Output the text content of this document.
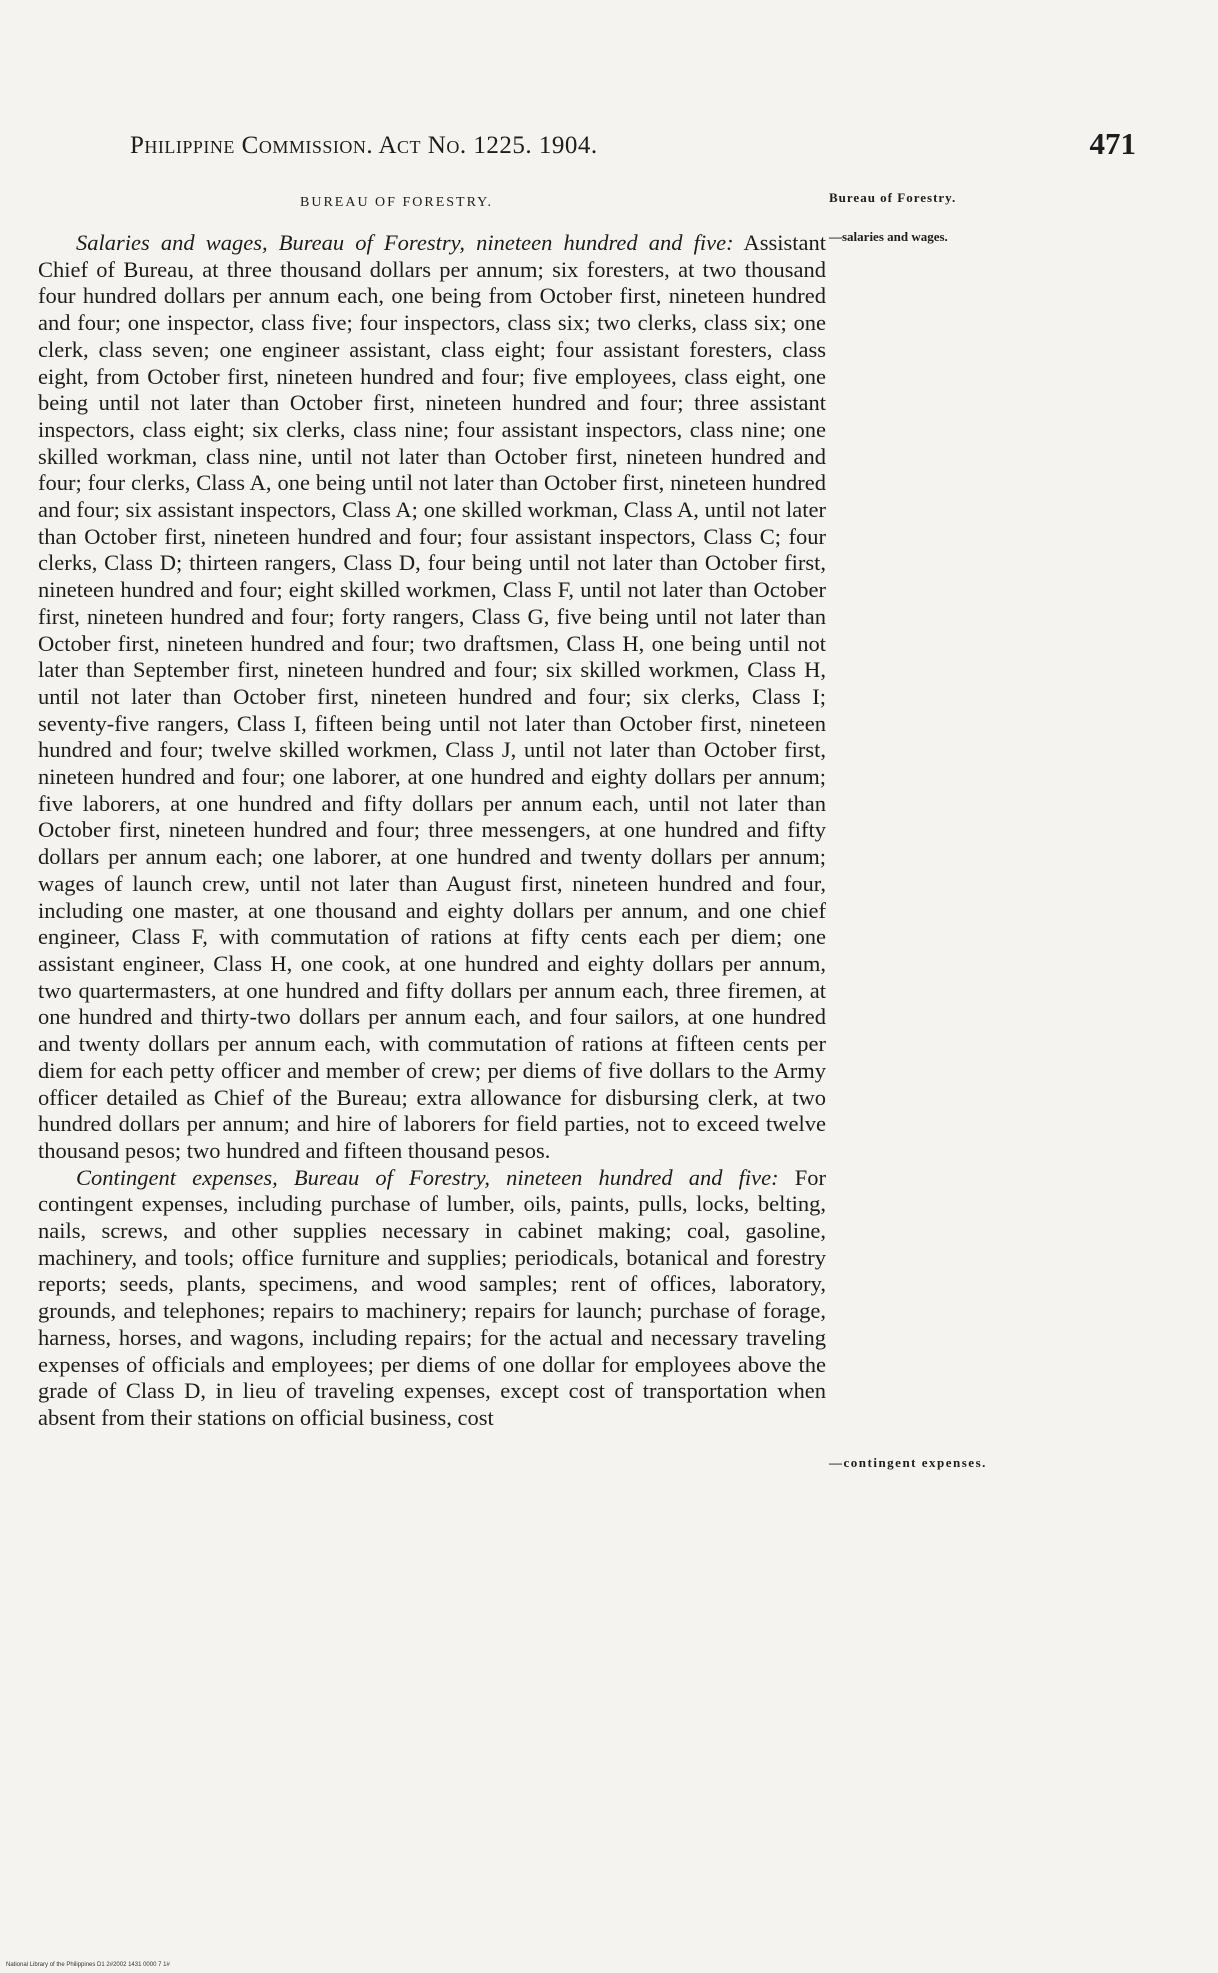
Philippine Commission. Act No. 1225. 1904.	471
BUREAU OF FORESTRY.	Bureau of Forestry.
—salaries and wages.
—contingent expenses.

Salaries and wages, Bureau of Forestry, nineteen hundred and five: Assistant Chief of Bureau, at three thousand dollars per annum; six foresters, at two thousand four hundred dollars per annum each, one being from October first, nineteen hundred and four; one inspector, class five; four inspectors, class six; two clerks, class six; one clerk, class seven; one engineer assistant, class eight; four assistant foresters, class eight, from October first, nineteen hundred and four; five employees, class eight, one being until not later than October first, nineteen hundred and four; three assistant inspectors, class eight; six clerks, class nine; four assistant inspectors, class nine; one skilled workman, class nine, until not later than October first, nineteen hundred and four; four clerks, Class A, one being until not later than October first, nineteen hundred and four; six assistant inspectors, Class A; one skilled workman, Class A, until not later than October first, nineteen hundred and four; four assistant inspectors, Class C; four clerks, Class D; thirteen rangers, Class D, four being until not later than October first, nineteen hundred and four; eight skilled workmen, Class F, until not later than October first, nineteen hundred and four; forty rangers, Class G, five being until not later than October first, nineteen hundred and four; two draftsmen, Class H, one being until not later than September first, nineteen hundred and four; six skilled workmen, Class H, until not later than October first, nineteen hundred and four; six clerks, Class I; seventy-five rangers, Class I, fifteen being until not later than October first, nineteen hundred and four; twelve skilled workmen, Class J, until not later than October first, nineteen hundred and four; one laborer, at one hundred and eighty dollars per annum; five laborers, at one hundred and fifty dollars per annum each, until not later than October first, nineteen hundred and four; three messengers, at one hundred and fifty dollars per annum each; one laborer, at one hundred and twenty dollars per annum; wages of launch crew, until not later than August first, nineteen hundred and four, including one master, at one thousand and eighty dollars per annum, and one chief engineer, Class F, with commutation of rations at fifty cents each per diem; one assistant engineer, Class H, one cook, at one hundred and eighty dollars per annum, two quartermasters, at one hundred and fifty dollars per annum each, three firemen, at one hundred and thirty-two dollars per annum each, and four sailors, at one hundred and twenty dollars per annum each, with commutation of rations at fifteen cents per diem for each petty officer and member of crew; per diems of five dollars to the Army officer detailed as Chief of the Bureau; extra allowance for disbursing clerk, at two hundred dollars per annum; and hire of laborers for field parties, not to exceed twelve thousand pesos; two hundred and fifteen thousand pesos.

Contingent expenses, Bureau of Forestry, nineteen hundred and five: For contingent expenses, including purchase of lumber, oils, paints, pulls, locks, belting, nails, screws, and other supplies necessary in cabinet making; coal, gasoline, machinery, and tools; office furniture and supplies; periodicals, botanical and forestry reports; seeds, plants, specimens, and wood samples; rent of offices, laboratory, grounds, and telephones; repairs to machinery; repairs for launch; purchase of forage, harness, horses, and wagons, including repairs; for the actual and necessary traveling expenses of officials and employees; per diems of one dollar for employees above the grade of Class D, in lieu of traveling expenses, except cost of transportation when absent from their stations on official business, cost

National Library of the Philippines D1 2#2002 1431 0000 7 1#
